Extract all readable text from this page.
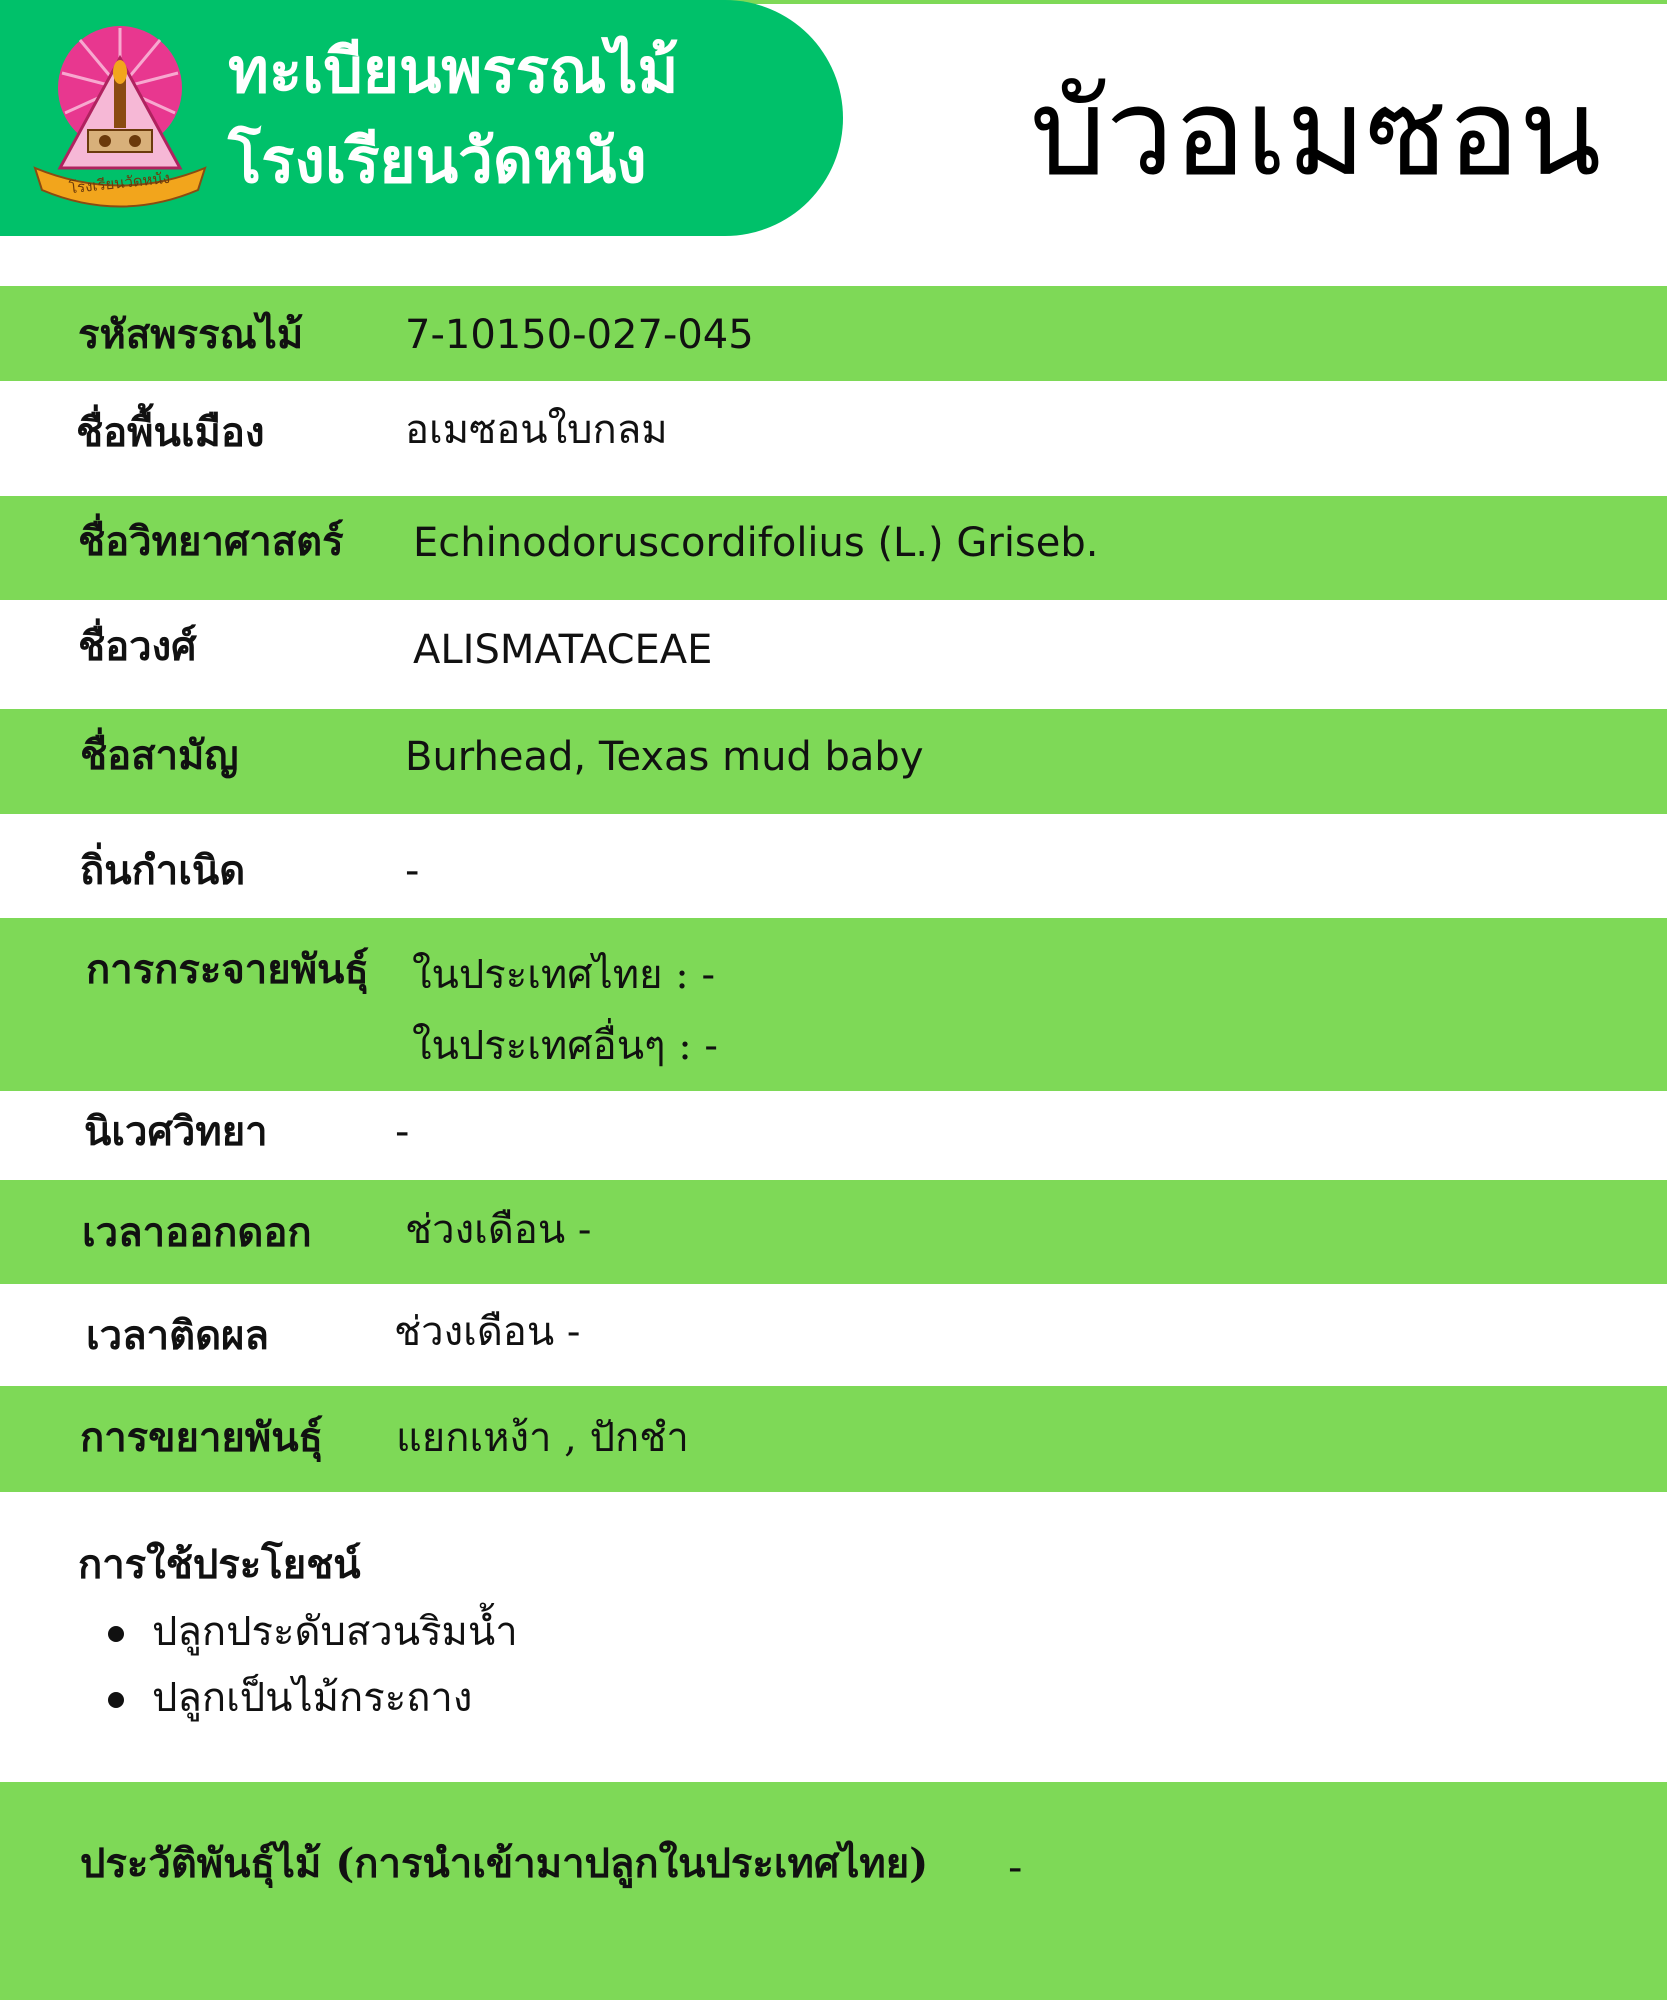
โรงเรียนวัดหนัง
ทะเบียนพรรณไม้
โรงเรียนวัดหนัง	บัวอเมซอน
รหัสพรรณไม้	7-10150-027-045
ชื่อพื้นเมือง	อเมซอนใบกลม
ชื่อวิทยาศาสตร์ Echinodoruscordifolius (L.) Griseb.
ชื่อวงศ์	ALISMATACEAE
ชื่อสามัญ	Burhead, Texas mud baby
ถิ่นกำเนิด	-
การกระจายพันธุ์ ในประเทศไทย : -
ในประเทศอื่นๆ : -
นิเวศวิทยา	-
เวลาออกดอก ช่วงเดือน -
เวลาติดผล	ช่วงเดือน -
การขยายพันธุ์ แยกเหง้า , ปักชำ
การใช้ประโยชน์
ปลูกประดับสวนริมน้ำ
ปลูกเป็นไม้กระถาง
ประวัติพันธุ์ไม้ (การนำเข้ามาปลูกในประเทศไทย) -
